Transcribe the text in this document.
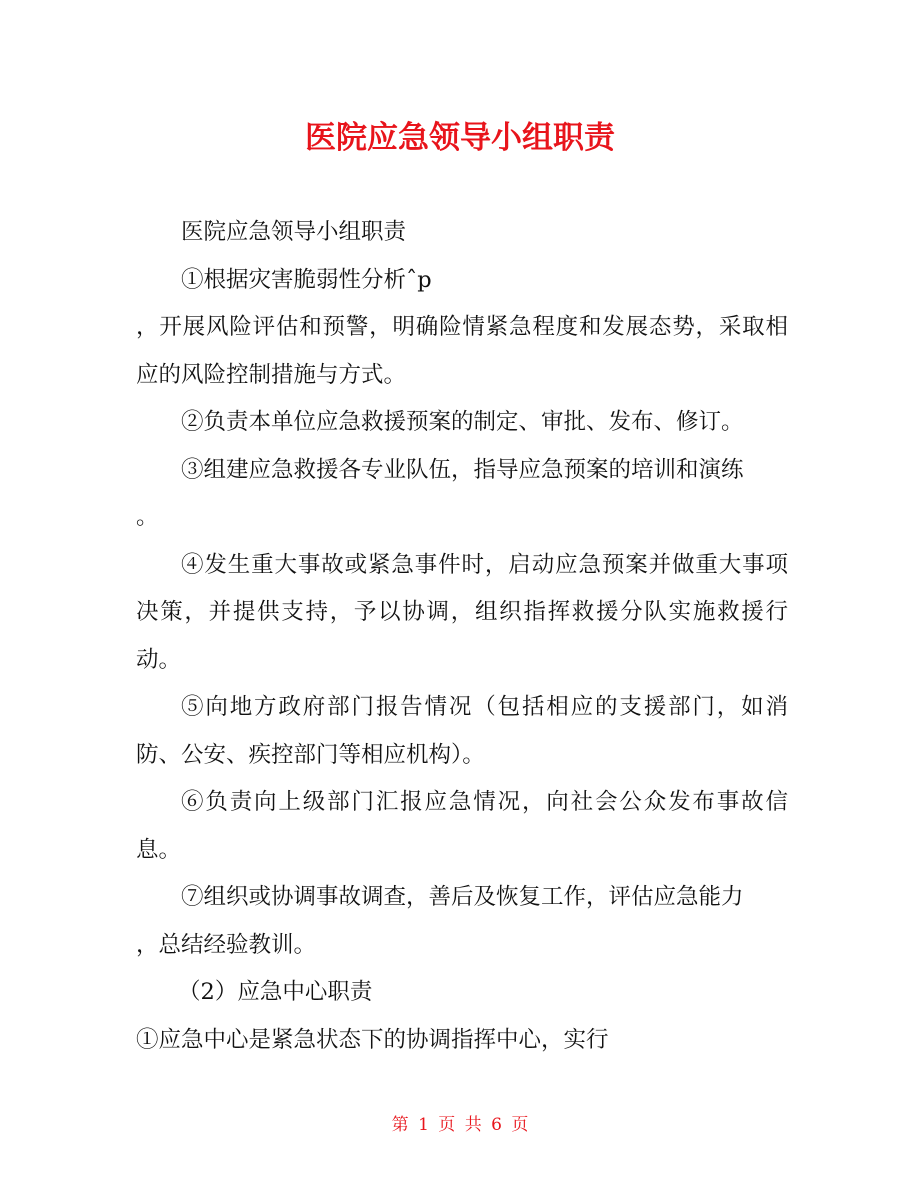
医院应急领导小组职责

医院应急领导小组职责

①根据灾害脆弱性分析ˆp

，开展风险评估和预警，明确险情紧急程度和发展态势，采取相应的风险控制措施与方式。

②负责本单位应急救援预案的制定、审批、发布、修订。

③组建应急救援各专业队伍，指导应急预案的培训和演练

。

④发生重大事故或紧急事件时，启动应急预案并做重大事项决策，并提供支持，予以协调，组织指挥救援分队实施救援行动。

⑤向地方政府部门报告情况（包括相应的支援部门，如消防、公安、疾控部门等相应机构）。

⑥负责向上级部门汇报应急情况，向社会公众发布事故信息。

⑦组织或协调事故调查，善后及恢复工作，评估应急能力

，总结经验教训。

（2）应急中心职责

①应急中心是紧急状态下的协调指挥中心，实行

第 1 页 共 6 页
